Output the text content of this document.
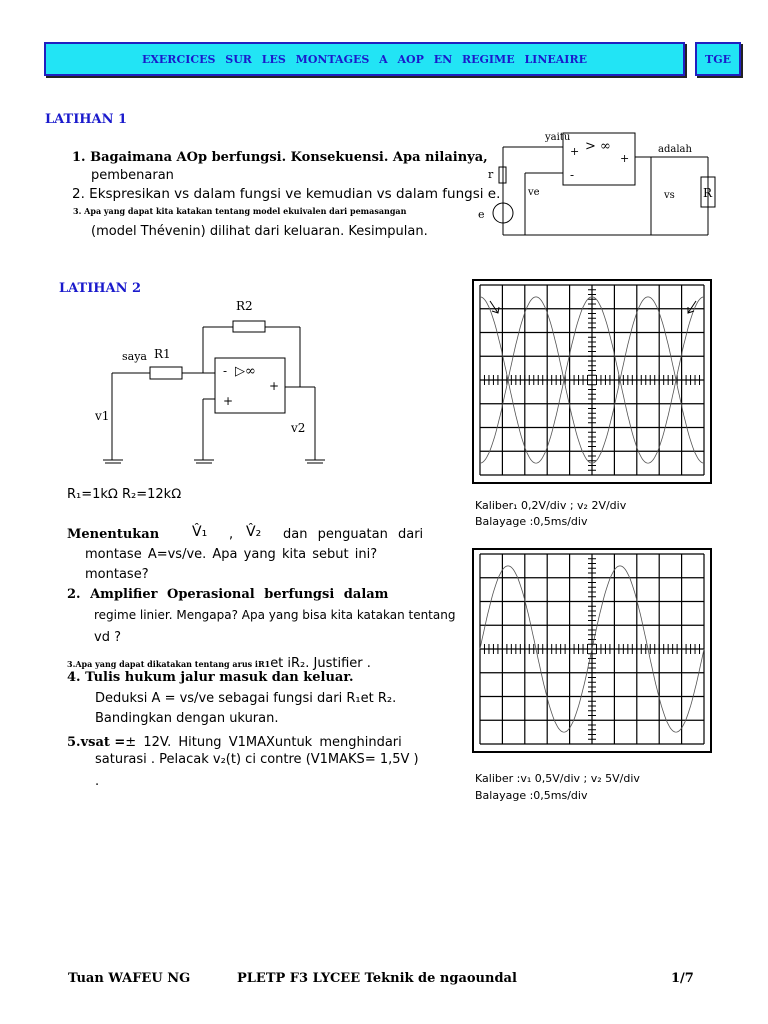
EXERCICES SUR LES MONTAGES A AOP EN REGIME LINEAIRE	TGE
LATIHAN 1
1. Bagaimana AOp berfungsi. Konsekuensi. Apa nilainya,
pembenaran
2. Ekspresikan vs dalam fungsi ve kemudian vs dalam fungsi e.
3. Apa yang dapat kita katakan tentang model ekuivalen dari pemasangan
(model Thévenin) dilihat dari keluaran. Kesimpulan.
yaitu
adalah
r
ve
e
vs R
> ∞
+
+
-
LATIHAN 2
R2
R1
saya
v1
v2
▷∞
-
+
+
R₁=1kΩ R₂=12kΩ
Menentukan V̂₁ , V̂₂ dan penguatan dari
montase A=vs/ve. Apa yang kita sebut ini?
montase?
2. Amplifier Operasional berfungsi dalam
regime linier. Mengapa? Apa yang bisa kita katakan tentang
vd ?
3.Apa yang dapat dikatakan tentang arus iR1et iR₂. Justifier .
4. Tulis hukum jalur masuk dan keluar.
Deduksi A = vs/ve sebagai fungsi dari R₁et R₂.
Bandingkan dengan ukuran.
5.vsat =± 12V. Hitung V1MAXuntuk menghindari
saturasi . Pelacak v₂(t) ci contre (V1MAKS= 1,5V )
.
Kaliber₁ 0,2V/div ; v₂ 2V/div
Balayage :0,5ms/div
Kaliber :v₁ 0,5V/div ; v₂ 5V/div
Balayage :0,5ms/div
Tuan WAFEU NG	PLETP F3 LYCEE Teknik de ngaoundal	1/7
